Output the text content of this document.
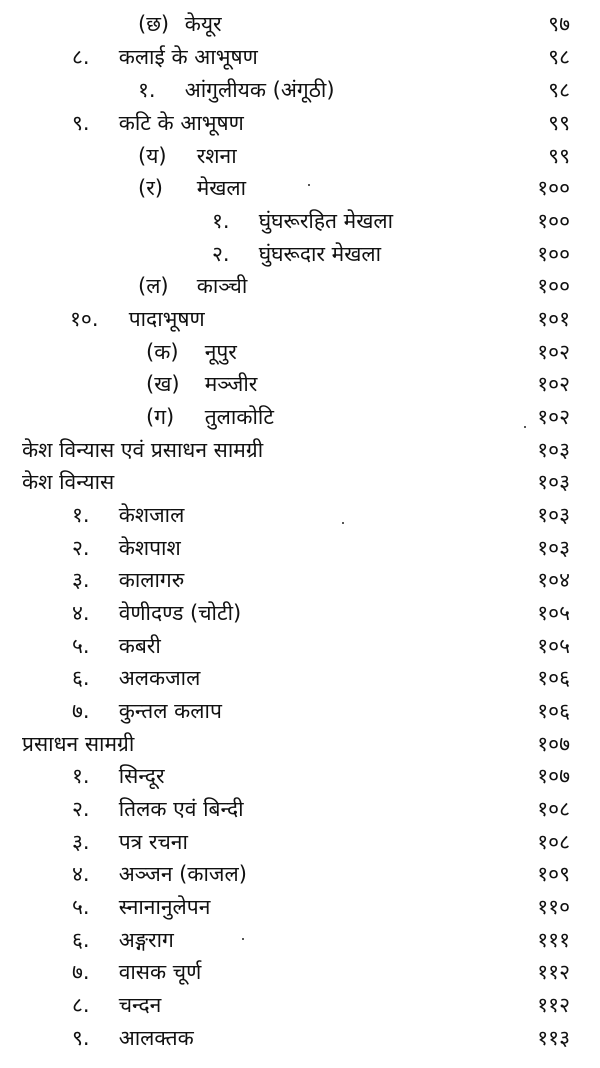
(छ) केयूर	९७
८. कलाई के आभूषण	९८
१. आंगुलीयक (अंगूठी)	९८
९. कटि के आभूषण	९९
(य) रशना	९९
(र) मेखला	१००
१. घुंघरूरहित मेखला	१००
२. घुंघरूदार मेखला	१००
(ल) काञ्ची	१००
१०. पादाभूषण	१०१
(क) नूपुर	१०२
(ख) मञ्जीर	१०२
(ग) तुलाकोटि	१०२
केश विन्यास एवं प्रसाधन सामग्री	१०३
केश विन्यास	१०३
१. केशजाल	१०३
२. केशपाश	१०३
३. कालागरु	१०४
४. वेणीदण्ड (चोटी)	१०५
५. कबरी	१०५
६. अलकजाल	१०६
७. कुन्तल कलाप	१०६
प्रसाधन सामग्री	१०७
१. सिन्दूर	१०७
२. तिलक एवं बिन्दी	१०८
३. पत्र रचना	१०८
४. अञ्जन (काजल)	१०९
५. स्नानानुलेपन	११०
६. अङ्गराग	१११
७. वासक चूर्ण	११२
८. चन्दन	११२
९. आलक्तक	११३
